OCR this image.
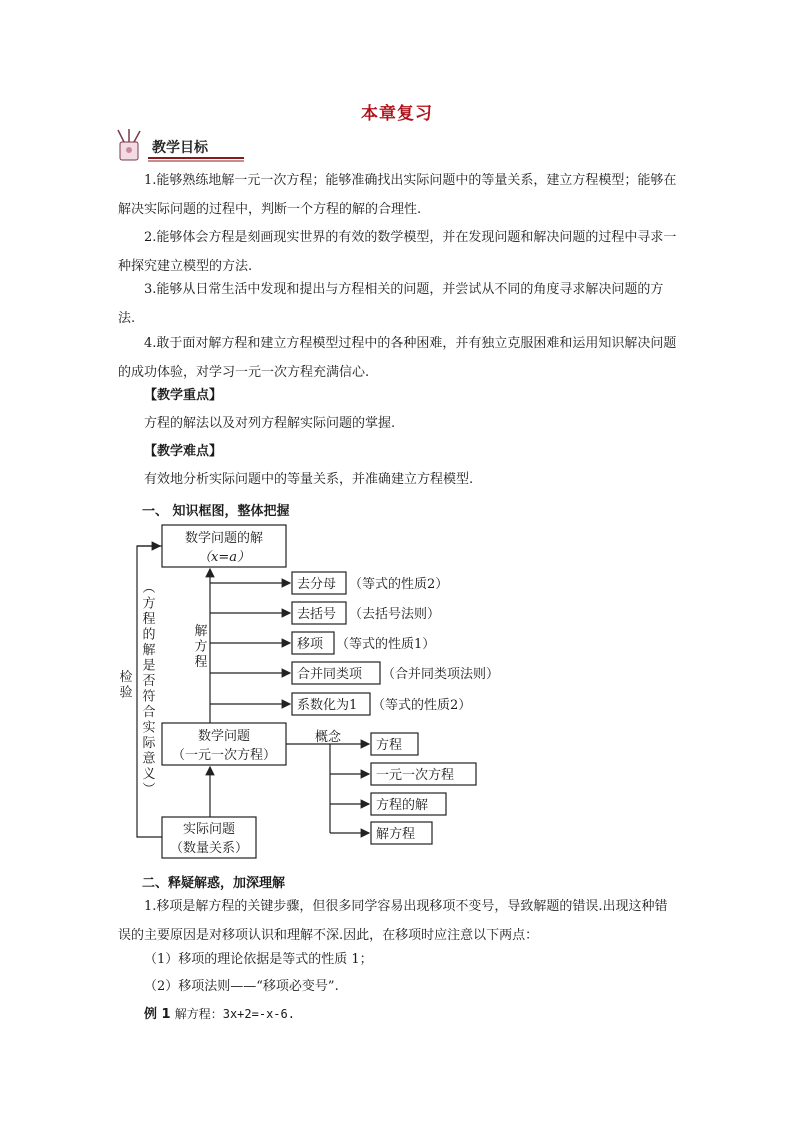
本章复习
教学目标

1.能够熟练地解一元一次方程；能够准确找出实际问题中的等量关系，建立方程模型；能够在解决实际问题的过程中，判断一个方程的解的合理性.

2.能够体会方程是刻画现实世界的有效的数学模型，并在发现问题和解决问题的过程中寻求一种探究建立模型的方法.

3.能够从日常生活中发现和提出与方程相关的问题，并尝试从不同的角度寻求解决问题的方法.

4.敢于面对解方程和建立方程模型过程中的各种困难，并有独立克服困难和运用知识解决问题的成功体验，对学习一元一次方程充满信心.

【教学重点】
方程的解法以及对列方程解实际问题的掌握.
【教学难点】
有效地分析实际问题中的等量关系，并准确建立方程模型.
一、 知识框图，整体把握
数学问题的解
（x=a）
数学问题
（一元一次方程）
实际问题
（数量关系）
去分母 （等式的性质2）
去括号 （去括号法则）
移项 （等式的性质1）
合并同类项 （合并同类项法则）
系数化为1 （等式的性质2）
概念
方程
一元一次方程
方程的解
解方程
检验
︵方程的解是否符合实际意义︶
解方程
二、释疑解惑，加深理解

1.移项是解方程的关键步骤，但很多同学容易出现移项不变号，导致解题的错误.出现这种错误的主要原因是对移项认识和理解不深.因此，在移项时应注意以下两点：

（1）移项的理论依据是等式的性质 1；
（2）移项法则——“移项必变号”.
例 1 解方程：3x+2=-x-6.
